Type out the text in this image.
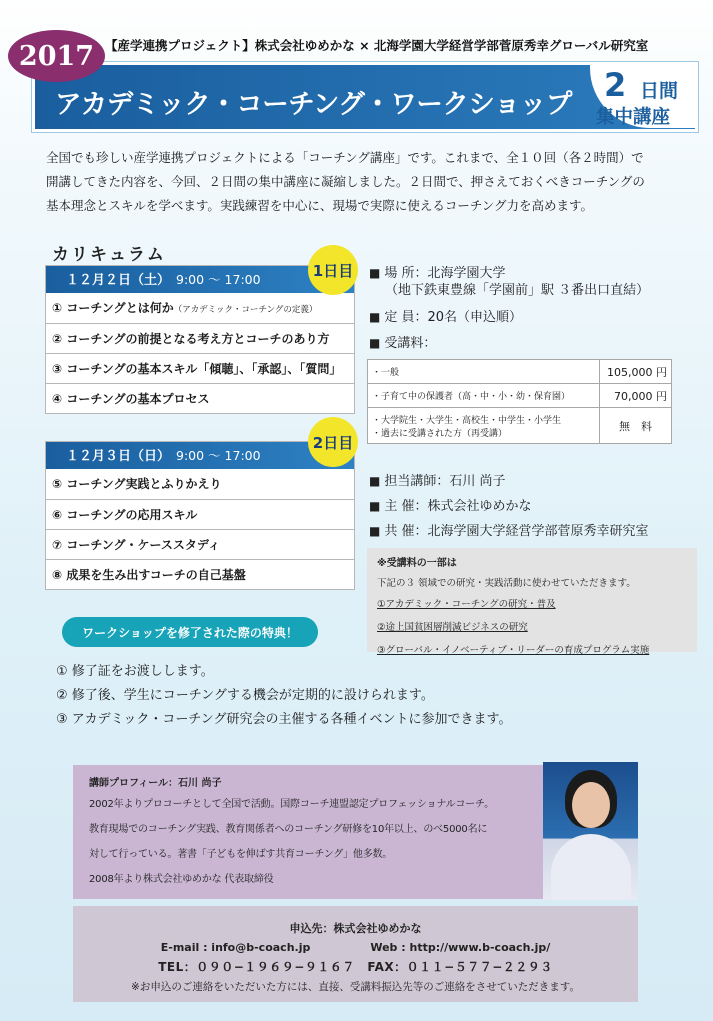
2017 【産学連携プロジェクト】株式会社ゆめかな × 北海学園大学経営学部菅原秀幸グローバル研究室
アカデミック・コーチング・ワークショップ
2 日間
集中講座
全国でも珍しい産学連携プロジェクトによる「コーチング講座」です。これまで、全１０回（各２時間）で
開講してきた内容を、今回、２日間の集中講座に凝縮しました。２日間で、押さえておくべきコーチングの
基本理念とスキルを学べます。実践練習を中心に、現場で実際に使えるコーチング力を高めます。
カリキュラム
１２月２日（土） 9:00 ～ 17:00
① コーチングとは何か（アカデミック・コーチングの定義）
② コーチングの前提となる考え方とコーチのあり方
③ コーチングの基本スキル「傾聴」、「承認」、「質問」
④ コーチングの基本プロセス
1日目
１２月３日（日） 9:00 ～ 17:00
⑤ コーチング実践とふりかえり
⑥ コーチングの応用スキル
⑦ コーチング・ケーススタディ
⑧ 成果を生み出すコーチの自己基盤
2日目
■ 場 所：北海学園大学
（地下鉄東豊線「学園前」駅 ３番出口直結）
■ 定 員：20名（申込順）
■ 受講料：
・一般	105,000 円
・子育て中の保護者（高・中・小・幼・保育園）	70,000 円

・大学院生・大学生・高校生・中学生・小学生
・過去に受講された方（再受講）	無　料
■ 担当講師：石川 尚子
■ 主 催：株式会社ゆめかな
■ 共 催：北海学園大学経営学部菅原秀幸研究室
※受講料の一部は
下記の３ 領域での研究・実践活動に使わせていただきます。
①アカデミック・コーチングの研究・普及
②途上国貧困層削減ビジネスの研究
③グローバル・イノベーティブ・リーダーの育成プログラム実施
ワークショップを修了された際の特典！
① 修了証をお渡しします。
② 修了後、学生にコーチングする機会が定期的に設けられます。
③ アカデミック・コーチング研究会の主催する各種イベントに参加できます。
講師プロフィール：石川 尚子
2002年よりプロコーチとして全国で活動。国際コーチ連盟認定プロフェッショナルコーチ。
教育現場でのコーチング実践、教育関係者へのコーチング研修を10年以上、のべ5000名に
対して行っている。著書「子どもを伸ばす共育コーチング」他多数。
2008年より株式会社ゆめかな 代表取締役
申込先：株式会社ゆめかな
E-mail : info@b-coach.jp	Web : http://www.b-coach.jp/
TEL：０９０−１９６９−９１６７　FAX：０１１−５７７−２２９３
※お申込のご連絡をいただいた方には、直接、受講料振込先等のご連絡をさせていただきます。
